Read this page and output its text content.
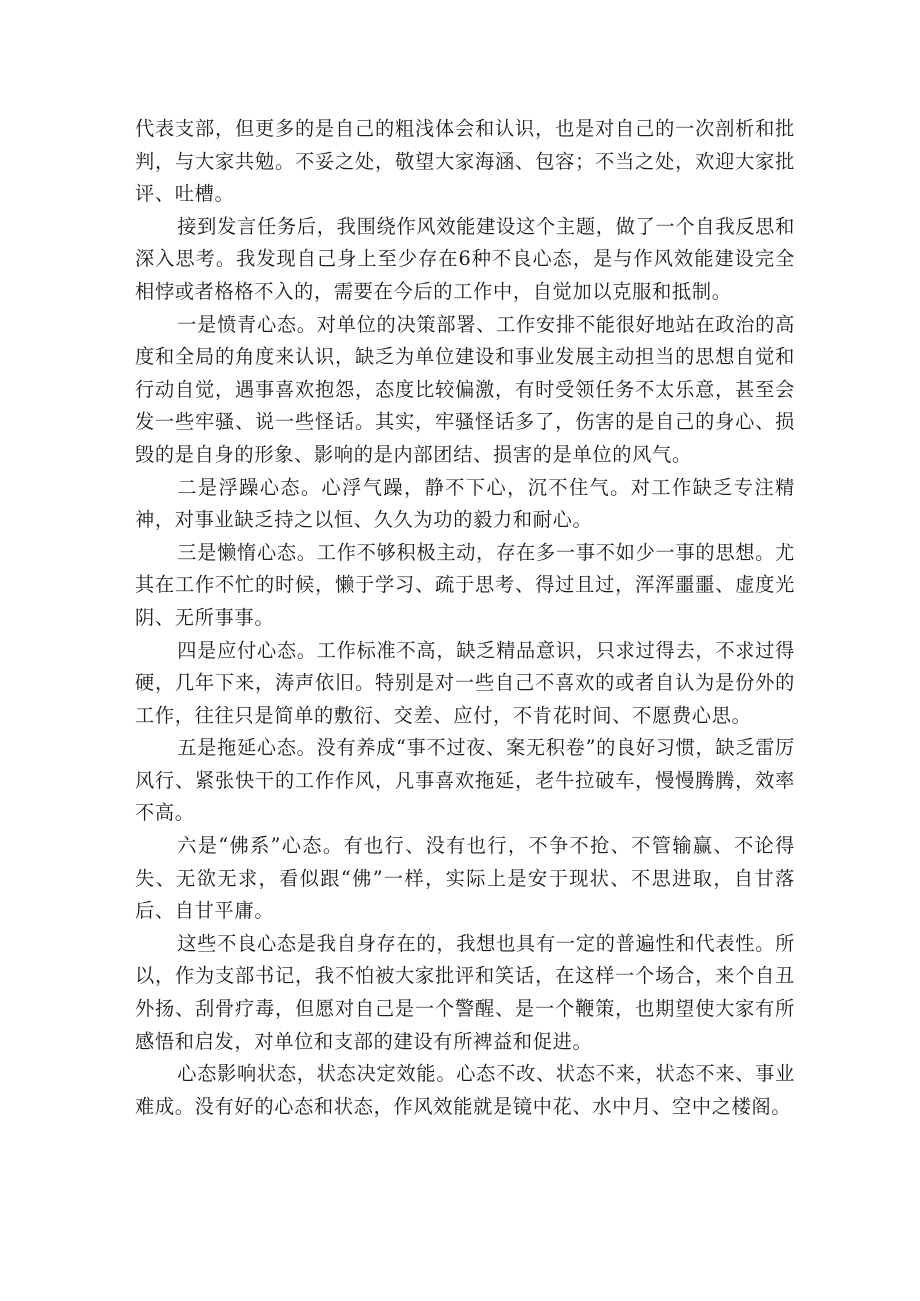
代表支部，但更多的是自己的粗浅体会和认识，也是对自己的一次剖析和批判，与大家共勉。不妥之处，敬望大家海涵、包容；不当之处，欢迎大家批评、吐槽。

接到发言任务后，我围绕作风效能建设这个主题，做了一个自我反思和深入思考。我发现自己身上至少存在6种不良心态，是与作风效能建设完全相悖或者格格不入的，需要在今后的工作中，自觉加以克服和抵制。

一是愤青心态。对单位的决策部署、工作安排不能很好地站在政治的高度和全局的角度来认识，缺乏为单位建设和事业发展主动担当的思想自觉和行动自觉，遇事喜欢抱怨，态度比较偏激，有时受领任务不太乐意，甚至会发一些牢骚、说一些怪话。其实，牢骚怪话多了，伤害的是自己的身心、损毁的是自身的形象、影响的是内部团结、损害的是单位的风气。

二是浮躁心态。心浮气躁，静不下心，沉不住气。对工作缺乏专注精神，对事业缺乏持之以恒、久久为功的毅力和耐心。

三是懒惰心态。工作不够积极主动，存在多一事不如少一事的思想。尤其在工作不忙的时候，懒于学习、疏于思考、得过且过，浑浑噩噩、虚度光阴、无所事事。

四是应付心态。工作标准不高，缺乏精品意识，只求过得去，不求过得硬，几年下来，涛声依旧。特别是对一些自己不喜欢的或者自认为是份外的工作，往往只是简单的敷衍、交差、应付，不肯花时间、不愿费心思。

五是拖延心态。没有养成“事不过夜、案无积卷”的良好习惯，缺乏雷厉风行、紧张快干的工作作风，凡事喜欢拖延，老牛拉破车，慢慢腾腾，效率不高。

六是“佛系”心态。有也行、没有也行，不争不抢、不管输赢、不论得失、无欲无求，看似跟“佛”一样，实际上是安于现状、不思进取，自甘落后、自甘平庸。

这些不良心态是我自身存在的，我想也具有一定的普遍性和代表性。所以，作为支部书记，我不怕被大家批评和笑话，在这样一个场合，来个自丑外扬、刮骨疗毒，但愿对自己是一个警醒、是一个鞭策，也期望使大家有所感悟和启发，对单位和支部的建设有所裨益和促进。

心态影响状态，状态决定效能。心态不改、状态不来，状态不来、事业难成。没有好的心态和状态，作风效能就是镜中花、水中月、空中之楼阁。
